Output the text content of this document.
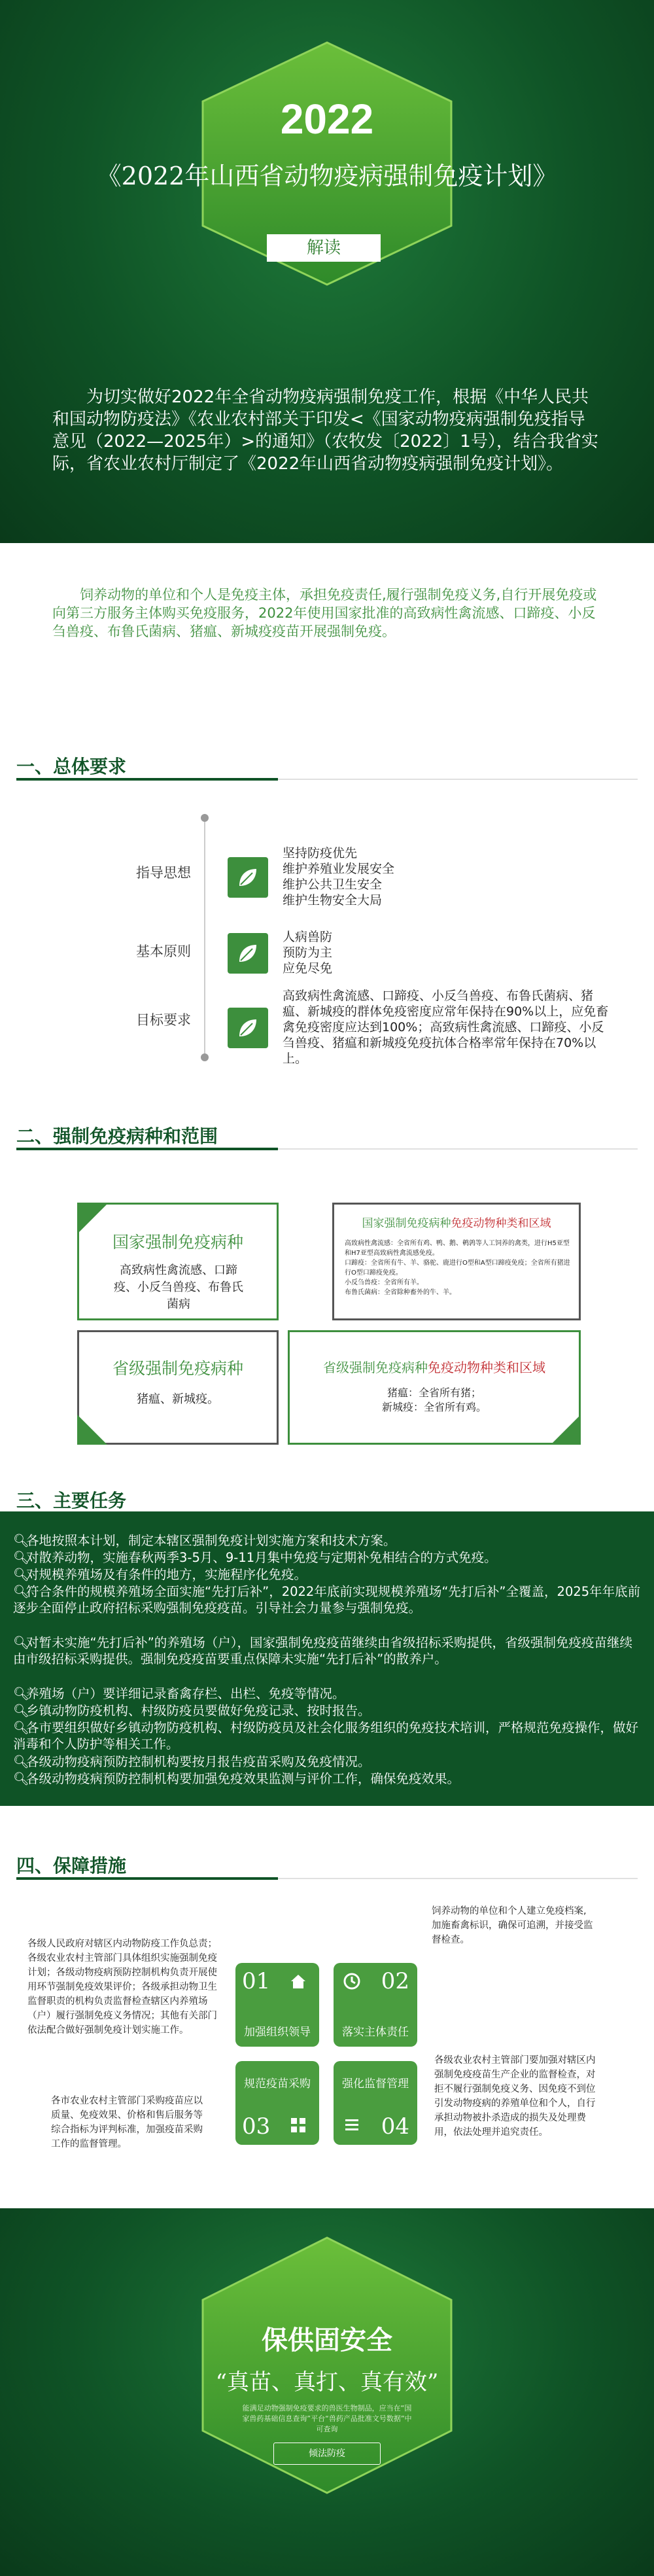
2022
《2022年山西省动物疫病强制免疫计划》
解读
为切实做好2022年全省动物疫病强制免疫工作，根据《中华人民共和国动物防疫法》《农业农村部关于印发<《国家动物疫病强制免疫指导意见（2022—2025年）>的通知》（农牧发〔2022〕1号），结合我省实际，省农业农村厅制定了《2022年山西省动物疫病强制免疫计划》。
饲养动物的单位和个人是免疫主体，承担免疫责任,履行强制免疫义务,自行开展免疫或向第三方服务主体购买免疫服务，2022年使用国家批准的高致病性禽流感、口蹄疫、小反刍兽疫、布鲁氏菌病、猪瘟、新城疫疫苗开展强制免疫。
一、总体要求
指导思想
坚持防疫优先
维护养殖业发展安全
维护公共卫生安全
维护生物安全大局
基本原则
人病兽防
预防为主
应免尽免
目标要求
高致病性禽流感、口蹄疫、小反刍兽疫、布鲁氏菌病、猪瘟、新城疫的群体免疫密度应常年保持在90%以上，应免畜禽免疫密度应达到100%；高致病性禽流感、口蹄疫、小反刍兽疫、猪瘟和新城疫免疫抗体合格率常年保持在70%以上。
二、强制免疫病种和范围
国家强制免疫病种
高致病性禽流感、口蹄疫、小反刍兽疫、布鲁氏菌病
国家强制免疫病种免疫动物种类和区域
高致病性禽流感：全省所有鸡、鸭、鹅、鹌鹑等人工饲养的禽类，进行H5亚型和H7亚型高致病性禽流感免疫。
口蹄疫：全省所有牛、羊、骆驼、鹿进行O型和A型口蹄疫免疫；全省所有猪进行O型口蹄疫免疫。
小反刍兽疫：全省所有羊。
布鲁氏菌病：全省除种畜外的牛、羊。
省级强制免疫病种
猪瘟、新城疫。
省级强制免疫病种免疫动物种类和区域
猪瘟：全省所有猪；
新城疫：全省所有鸡。
三、主要任务
🔍︎各地按照本计划，制定本辖区强制免疫计划实施方案和技术方案。
🔍︎对散养动物，实施春秋两季3-5月、9-11月集中免疫与定期补免相结合的方式免疫。
🔍︎对规模养殖场及有条件的地方，实施程序化免疫。
🔍︎符合条件的规模养殖场全面实施“先打后补”，2022年底前实现规模养殖场“先打后补”全覆盖，2025年年底前逐步全面停止政府招标采购强制免疫疫苗。引导社会力量参与强制免疫。
🔍︎对暂未实施“先打后补”的养殖场（户），国家强制免疫疫苗继续由省级招标采购提供，省级强制免疫疫苗继续由市级招标采购提供。强制免疫疫苗要重点保障未实施“先打后补”的散养户。
🔍︎养殖场（户）要详细记录畜禽存栏、出栏、免疫等情况。
🔍︎乡镇动物防疫机构、村级防疫员要做好免疫记录、按时报告。
🔍︎各市要组织做好乡镇动物防疫机构、村级防疫员及社会化服务组织的免疫技术培训，严格规范免疫操作，做好消毒和个人防护等相关工作。
🔍︎各级动物疫病预防控制机构要按月报告疫苗采购及免疫情况。
🔍︎各级动物疫病预防控制机构要加强免疫效果监测与评价工作，确保免疫效果。
四、保障措施
各级人民政府对辖区内动物防疫工作负总责；各级农业农村主管部门具体组织实施强制免疫计划；各级动物疫病预防控制机构负责开展使用环节强制免疫效果评价；各级承担动物卫生监督职责的机构负责监督检查辖区内养殖场（户）履行强制免疫义务情况；其他有关部门依法配合做好强制免疫计划实施工作。
各市农业农村主管部门采购疫苗应以质量、免疫效果、价格和售后服务等综合指标为评判标准，加强疫苗采购工作的监督管理。
饲养动物的单位和个人建立免疫档案,加施畜禽标识，确保可追溯，并接受监督检查。
各级农业农村主管部门要加强对辖区内强制免疫疫苗生产企业的监督检查，对拒不履行强制免疫义务、因免疫不到位引发动物疫病的养殖单位和个人，自行承担动物被扑杀造成的损失及处理费用，依法处理并追究责任。
01
加强组织领导
02
落实主体责任
规范疫苗采购
03
强化监督管理
04
保供固安全
“真苗、真打、真有效”
能满足动物强制免疫要求的兽医生物制品，应当在“国家兽药基础信息查询”平台“兽药产品批准文号数据”中可查询
倾法防疫
